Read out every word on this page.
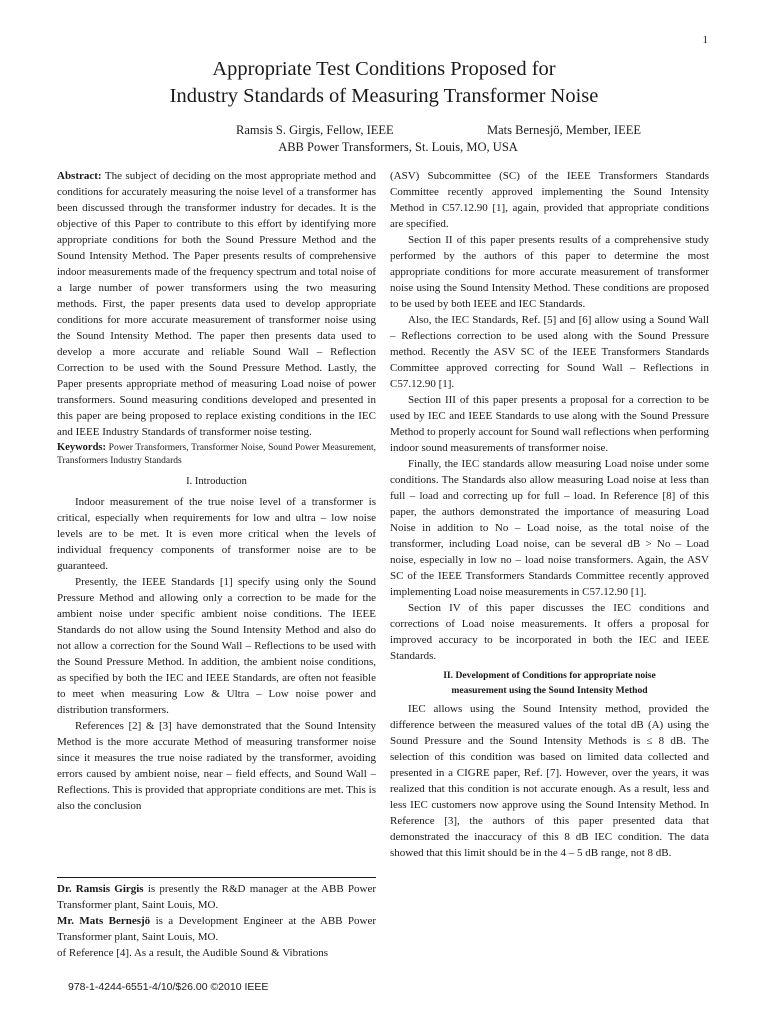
1
Appropriate Test Conditions Proposed for
Industry Standards of Measuring Transformer Noise
Ramsis S. Girgis, Fellow, IEEE	Mats Bernesjö, Member, IEEE
ABB Power Transformers, St. Louis, MO, USA

Abstract: The subject of deciding on the most appropriate method and conditions for accurately measuring the noise level of a transformer has been discussed through the transformer industry for decades. It is the objective of this Paper to contribute to this effort by identifying more appropriate conditions for both the Sound Pressure Method and the Sound Intensity Method. The Paper presents results of comprehensive indoor measurements made of the frequency spectrum and total noise of a large number of power transformers using the two measuring methods. First, the paper presents data used to develop appropriate conditions for more accurate measurement of transformer noise using the Sound Intensity Method. The paper then presents data used to develop a more accurate and reliable Sound Wall – Reflection Correction to be used with the Sound Pressure Method. Lastly, the Paper presents appropriate method of measuring Load noise of power transformers. Sound measuring conditions developed and presented in this paper are being proposed to replace existing conditions in the IEC and IEEE Industry Standards of transformer noise testing.

Keywords: Power Transformers, Transformer Noise, Sound Power Measurement, Transformers Industry Standards

I. Introduction

Indoor measurement of the true noise level of a transformer is critical, especially when requirements for low and ultra – low noise levels are to be met. It is even more critical when the levels of individual frequency components of transformer noise are to be guaranteed.

Presently, the IEEE Standards [1] specify using only the Sound Pressure Method and allowing only a correction to be made for the ambient noise under specific ambient noise conditions. The IEEE Standards do not allow using the Sound Intensity Method and also do not allow a correction for the Sound Wall – Reflections to be used with the Sound Pressure Method. In addition, the ambient noise conditions, as specified by both the IEC and IEEE Standards, are often not feasible to meet when measuring Low & Ultra – Low noise power and distribution transformers.

References [2] & [3] have demonstrated that the Sound Intensity Method is the more accurate Method of measuring transformer noise since it measures the true noise radiated by the transformer, avoiding errors caused by ambient noise, near – field effects, and Sound Wall – Reflections. This is provided that appropriate conditions are met. This is also the conclusion

(ASV) Subcommittee (SC) of the IEEE Transformers Standards Committee recently approved implementing the Sound Intensity Method in C57.12.90 [1], again, provided that appropriate conditions are specified.

Section II of this paper presents results of a comprehensive study performed by the authors of this paper to determine the most appropriate conditions for more accurate measurement of transformer noise using the Sound Intensity Method. These conditions are proposed to be used by both IEEE and IEC Standards.

Also, the IEC Standards, Ref. [5] and [6] allow using a Sound Wall – Reflections correction to be used along with the Sound Pressure method. Recently the ASV SC of the IEEE Transformers Standards Committee approved correcting for Sound Wall – Reflections in C57.12.90 [1].

Section III of this paper presents a proposal for a correction to be used by IEC and IEEE Standards to use along with the Sound Pressure Method to properly account for Sound wall reflections when performing indoor sound measurements of transformer noise.

Finally, the IEC standards allow measuring Load noise under some conditions. The Standards also allow measuring Load noise at less than full – load and correcting up for full – load. In Reference [8] of this paper, the authors demonstrated the importance of measuring Load Noise in addition to No – Load noise, as the total noise of the transformer, including Load noise, can be several dB > No – Load noise, especially in low no – load noise transformers. Again, the ASV SC of the IEEE Transformers Standards Committee recently approved implementing Load noise measurements in C57.12.90 [1].

Section IV of this paper discusses the IEC conditions and corrections of Load noise measurements. It offers a proposal for improved accuracy to be incorporated in both the IEC and IEEE Standards.

II. Development of Conditions for appropriate noise
measurement using the Sound Intensity Method

IEC allows using the Sound Intensity method, provided the difference between the measured values of the total dB (A) using the Sound Pressure and the Sound Intensity Methods is ≤ 8 dB. The selection of this condition was based on limited data collected and presented in a CIGRE paper, Ref. [7]. However, over the years, it was realized that this condition is not accurate enough. As a result, less and less IEC customers now approve using the Sound Intensity Method. In Reference [3], the authors of this paper presented data that demonstrated the inaccuracy of this 8 dB IEC condition. The data showed that this limit should be in the 4 – 5 dB range, not 8 dB.

Dr. Ramsis Girgis is presently the R&D manager at the ABB Power Transformer plant, Saint Louis, MO.

Mr. Mats Bernesjö is a Development Engineer at the ABB Power Transformer plant, Saint Louis, MO.

of Reference [4]. As a result, the Audible Sound & Vibrations

978-1-4244-6551-4/10/$26.00 ©2010 IEEE
